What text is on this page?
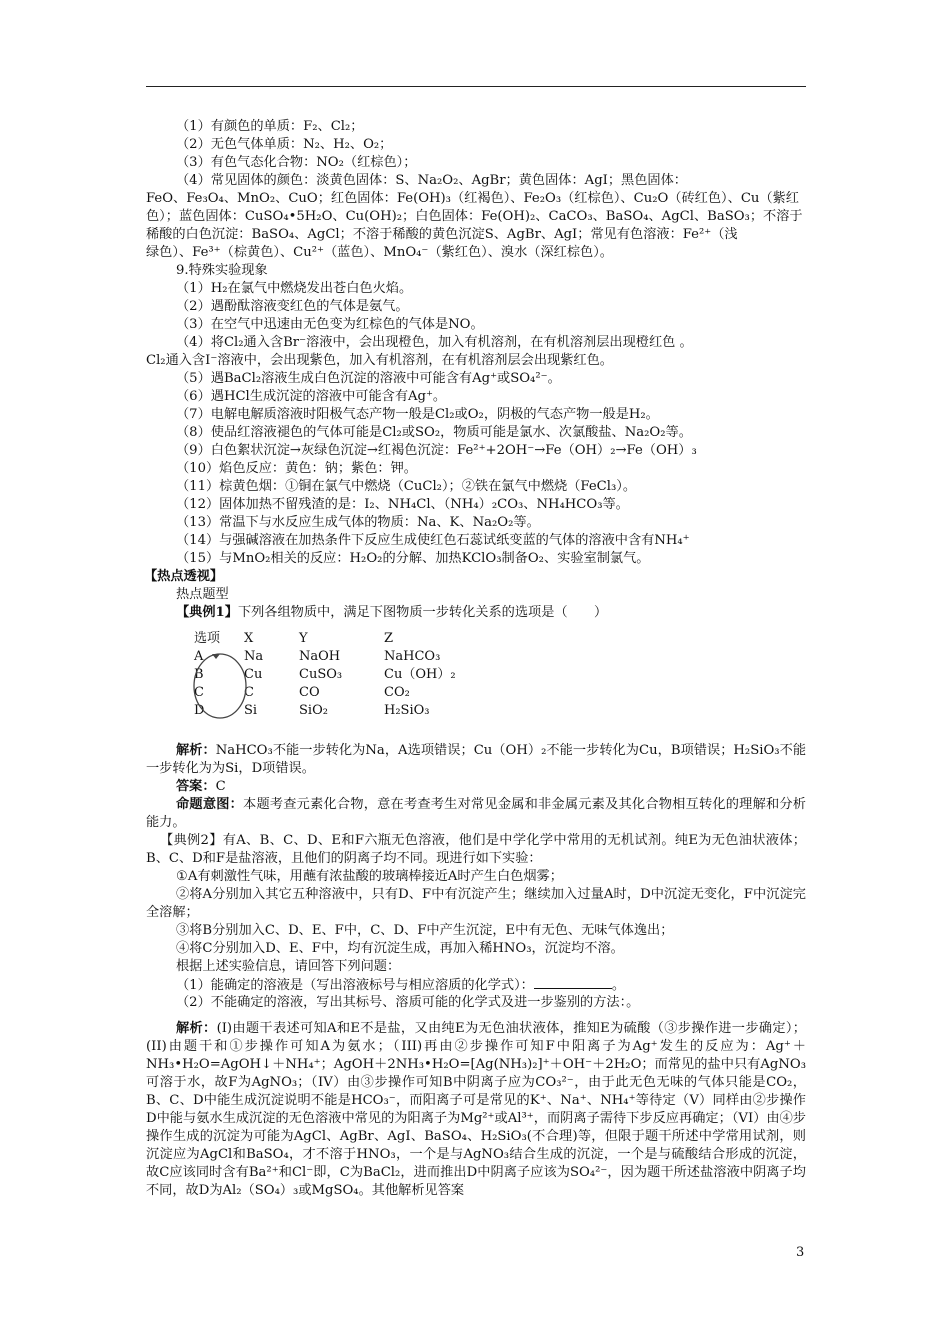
（1）有颜色的单质：F₂、Cl₂；
（2）无色气体单质：N₂、H₂、O₂；
（3）有色气态化合物：NO₂（红棕色）；
（4）常见固体的颜色：淡黄色固体：S、Na₂O₂、AgBr；黄色固体：AgI；黑色固体：
FeO、Fe₃O₄、MnO₂、CuO；红色固体：Fe(OH)₃（红褐色）、Fe₂O₃（红棕色）、Cu₂O（砖红色）、Cu（紫红
色）；蓝色固体：CuSO₄•5H₂O、Cu(OH)₂；白色固体：Fe(OH)₂、CaCO₃、BaSO₄、AgCl、BaSO₃；不溶于
稀酸的白色沉淀：BaSO₄、AgCl；不溶于稀酸的黄色沉淀S、AgBr、AgI；常见有色溶液：Fe²⁺（浅
绿色）、Fe³⁺（棕黄色）、Cu²⁺（蓝色）、MnO₄⁻（紫红色）、溴水（深红棕色）。
9.特殊实验现象
（1）H₂在氯气中燃烧发出苍白色火焰。
（2）遇酚酞溶液变红色的气体是氨气。
（3）在空气中迅速由无色变为红棕色的气体是NO。
（4）将Cl₂通入含Br⁻溶液中，会出现橙色，加入有机溶剂，在有机溶剂层出现橙红色 。
Cl₂通入含I⁻溶液中，会出现紫色，加入有机溶剂，在有机溶剂层会出现紫红色。
（5）遇BaCl₂溶液生成白色沉淀的溶液中可能含有Ag⁺或SO₄²⁻。
（6）遇HCl生成沉淀的溶液中可能含有Ag⁺。
（7）电解电解质溶液时阳极气态产物一般是Cl₂或O₂，阴极的气态产物一般是H₂。
（8）使品红溶液褪色的气体可能是Cl₂或SO₂，物质可能是氯水、次氯酸盐、Na₂O₂等。
（9）白色絮状沉淀→灰绿色沉淀→红褐色沉淀：Fe²⁺+2OH⁻→Fe（OH）₂→Fe（OH）₃
（10）焰色反应：黄色：钠；紫色：钾。
（11）棕黄色烟：①铜在氯气中燃烧（CuCl₂）；②铁在氯气中燃烧（FeCl₃）。
（12）固体加热不留残渣的是：I₂、NH₄Cl、（NH₄）₂CO₃、NH₄HCO₃等。
（13）常温下与水反应生成气体的物质：Na、K、Na₂O₂等。
（14）与强碱溶液在加热条件下反应生成使红色石蕊试纸变蓝的气体的溶液中含有NH₄⁺
（15）与MnO₂相关的反应：H₂O₂的分解、加热KClO₃制备O₂、实验室制氯气。
【热点透视】
热点题型
【典例1】下列各组物质中，满足下图物质一步转化关系的选项是（　　）
选项	X	Y	Z
A	Na	NaOH	NaHCO₃
B	Cu	CuSO₃	Cu（OH）₂
C	C	CO	CO₂
D	Si	SiO₂	H₂SiO₃
解析：NaHCO₃不能一步转化为Na，A选项错误；Cu（OH）₂不能一步转化为Cu，B项错误；H₂SiO₃不能一步转化为为Si，D项错误。
答案：C
命题意图：本题考查元素化合物，意在考查考生对常见金属和非金属元素及其化合物相互转化的理解和分析能力。
【典例2】有A、B、C、D、E和F六瓶无色溶液，他们是中学化学中常用的无机试剂。纯E为无色油状液体；B、C、D和F是盐溶液，且他们的阴离子均不同。现进行如下实验：
①A有刺激性气味，用蘸有浓盐酸的玻璃棒接近A时产生白色烟雾；
②将A分别加入其它五种溶液中，只有D、F中有沉淀产生；继续加入过量A时，D中沉淀无变化，F中沉淀完全溶解；
③将B分别加入C、D、E、F中，C、D、F中产生沉淀，E中有无色、无味气体逸出；
④将C分别加入D、E、F中，均有沉淀生成，再加入稀HNO₃，沉淀均不溶。
根据上述实验信息，请回答下列问题：
（1）能确定的溶液是（写出溶液标号与相应溶质的化学式）：	。
（2）不能确定的溶液，写出其标号、溶质可能的化学式及进一步鉴别的方法：。
解析：(I)由题干表述可知A和E不是盐，又由纯E为无色油状液体，推知E为硫酸（③步操作进一步确定）；(II)由题干和①步操作可知A为氨水；（III)再由②步操作可知F中阳离子为Ag⁺发生的反应为：Ag⁺＋NH₃•H₂O=AgOH↓＋NH₄⁺；AgOH＋2NH₃•H₂O=[Ag(NH₃)₂]⁺＋OH⁻＋2H₂O；而常见的盐中只有AgNO₃可溶于水，故F为AgNO₃；（IV）由③步操作可知B中阴离子应为CO₃²⁻，由于此无色无味的气体只能是CO₂，B、C、D中能生成沉淀说明不能是HCO₃⁻，而阳离子可是常见的K⁺、Na⁺、NH₄⁺等待定（V）同样由②步操作D中能与氨水生成沉淀的无色溶液中常见的为阳离子为Mg²⁺或Al³⁺，而阴离子需待下步反应再确定；（VI）由④步操作生成的沉淀为可能为AgCl、AgBr、AgI、BaSO₄、H₂SiO₃(不合理)等，但限于题干所述中学常用试剂，则沉淀应为AgCl和BaSO₄，才不溶于HNO₃，一个是与AgNO₃结合生成的沉淀，一个是与硫酸结合形成的沉淀，故C应该同时含有Ba²⁺和Cl⁻即，C为BaCl₂，进而推出D中阴离子应该为SO₄²⁻，因为题干所述盐溶液中阴离子均不同，故D为Al₂（SO₄）₃或MgSO₄。其他解析见答案
3
